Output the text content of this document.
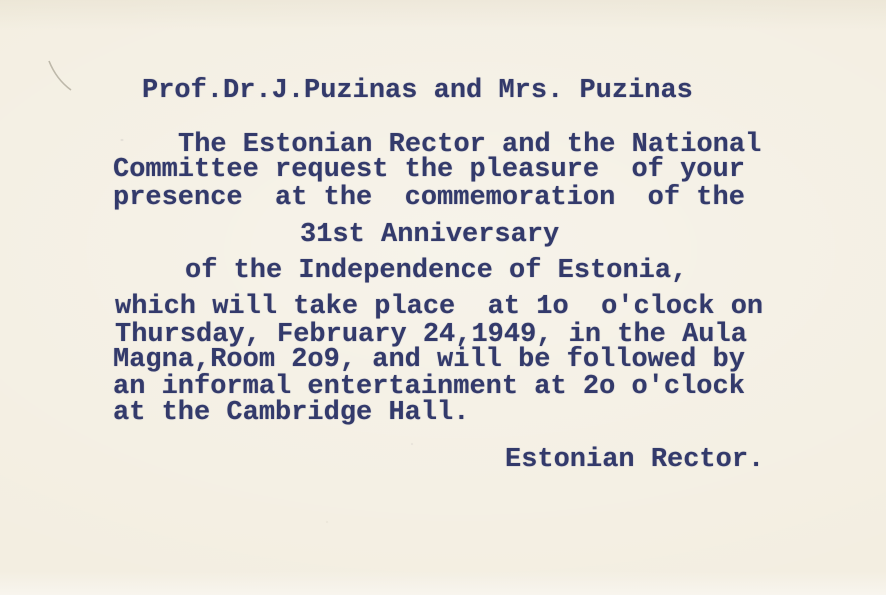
Prof.Dr.J.Puzinas and Mrs. Puzinas
The Estonian Rector and the National
Committee request the pleasure  of your
presence  at the  commemoration  of the
31st Anniversary
of the Independence of Estonia,
which will take place  at 1o  o'clock on
Thursday, February 24,1949, in the Aula
Magna,Room 2o9, and will be followed by
an informal entertainment at 2o o'clock
at the Cambridge Hall.
Estonian Rector.
